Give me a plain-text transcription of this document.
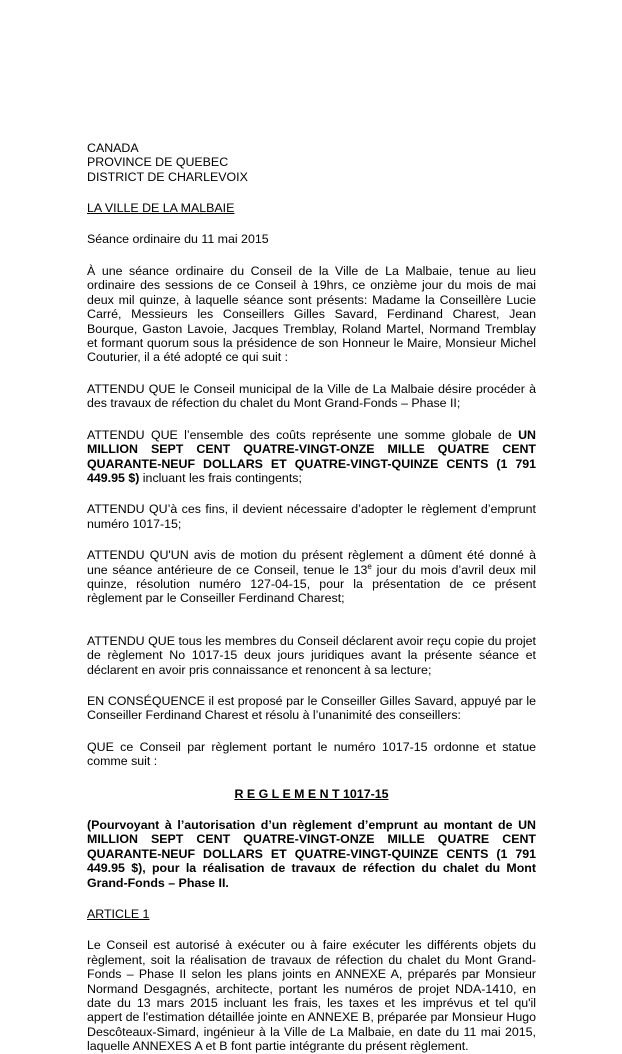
CANADA
PROVINCE DE QUEBEC
DISTRICT DE CHARLEVOIX

LA VILLE DE LA MALBAIE

Séance ordinaire du 11 mai 2015

À une séance ordinaire du Conseil de la Ville de La Malbaie, tenue au lieu ordinaire des sessions de ce Conseil à 19hrs, ce onzième jour du mois de mai deux mil quinze, à laquelle séance sont présents: Madame la Conseillère Lucie Carré, Messieurs les Conseillers Gilles Savard, Ferdinand Charest, Jean Bourque, Gaston Lavoie, Jacques Tremblay, Roland Martel, Normand Tremblay et formant quorum sous la présidence de son Honneur le Maire, Monsieur Michel Couturier, il a été adopté ce qui suit :

ATTENDU QUE le Conseil municipal de la Ville de La Malbaie désire procéder à des travaux de réfection du chalet du Mont Grand-Fonds – Phase II;

ATTENDU QUE l’ensemble des coûts représente une somme globale de UN MILLION SEPT CENT QUATRE-VINGT-ONZE MILLE QUATRE CENT QUARANTE-NEUF DOLLARS ET QUATRE-VINGT-QUINZE CENTS (1 791 449.95 $) incluant les frais contingents;

ATTENDU QU’à ces fins, il devient nécessaire d’adopter le règlement d’emprunt numéro 1017-15;

ATTENDU QU'UN avis de motion du présent règlement a dûment été donné à une séance antérieure de ce Conseil, tenue le 13e jour du mois d’avril deux mil quinze, résolution numéro 127-04-15, pour la présentation de ce présent règlement par le Conseiller Ferdinand Charest;

ATTENDU QUE tous les membres du Conseil déclarent avoir reçu copie du projet de règlement No 1017-15 deux jours juridiques avant la présente séance et déclarent en avoir pris connaissance et renoncent à sa lecture;

EN CONSÉQUENCE il est proposé par le Conseiller Gilles Savard, appuyé par le Conseiller Ferdinand Charest et résolu à l’unanimité des conseillers:

QUE ce Conseil par règlement portant le numéro 1017-15 ordonne et statue comme suit :

R E G L E M E N T 1017-15

(Pourvoyant à l’autorisation d’un règlement d’emprunt au montant de UN MILLION SEPT CENT QUATRE-VINGT-ONZE MILLE QUATRE CENT QUARANTE-NEUF DOLLARS ET QUATRE-VINGT-QUINZE CENTS (1 791 449.95 $), pour la réalisation de travaux de réfection du chalet du Mont Grand-Fonds – Phase II.

ARTICLE 1

Le Conseil est autorisé à exécuter ou à faire exécuter les différents objets du règlement, soit la réalisation de travaux de réfection du chalet du Mont Grand-Fonds – Phase II selon les plans joints en ANNEXE A, préparés par Monsieur Normand Desgagnés, architecte, portant les numéros de projet NDA-1410, en date du 13 mars 2015 incluant les frais, les taxes et les imprévus et tel qu'il appert de l'estimation détaillée jointe en ANNEXE B, préparée par Monsieur Hugo Descôteaux-Simard, ingénieur à la Ville de La Malbaie, en date du 11 mai 2015, laquelle ANNEXES A et B font partie intégrante du présent règlement.
